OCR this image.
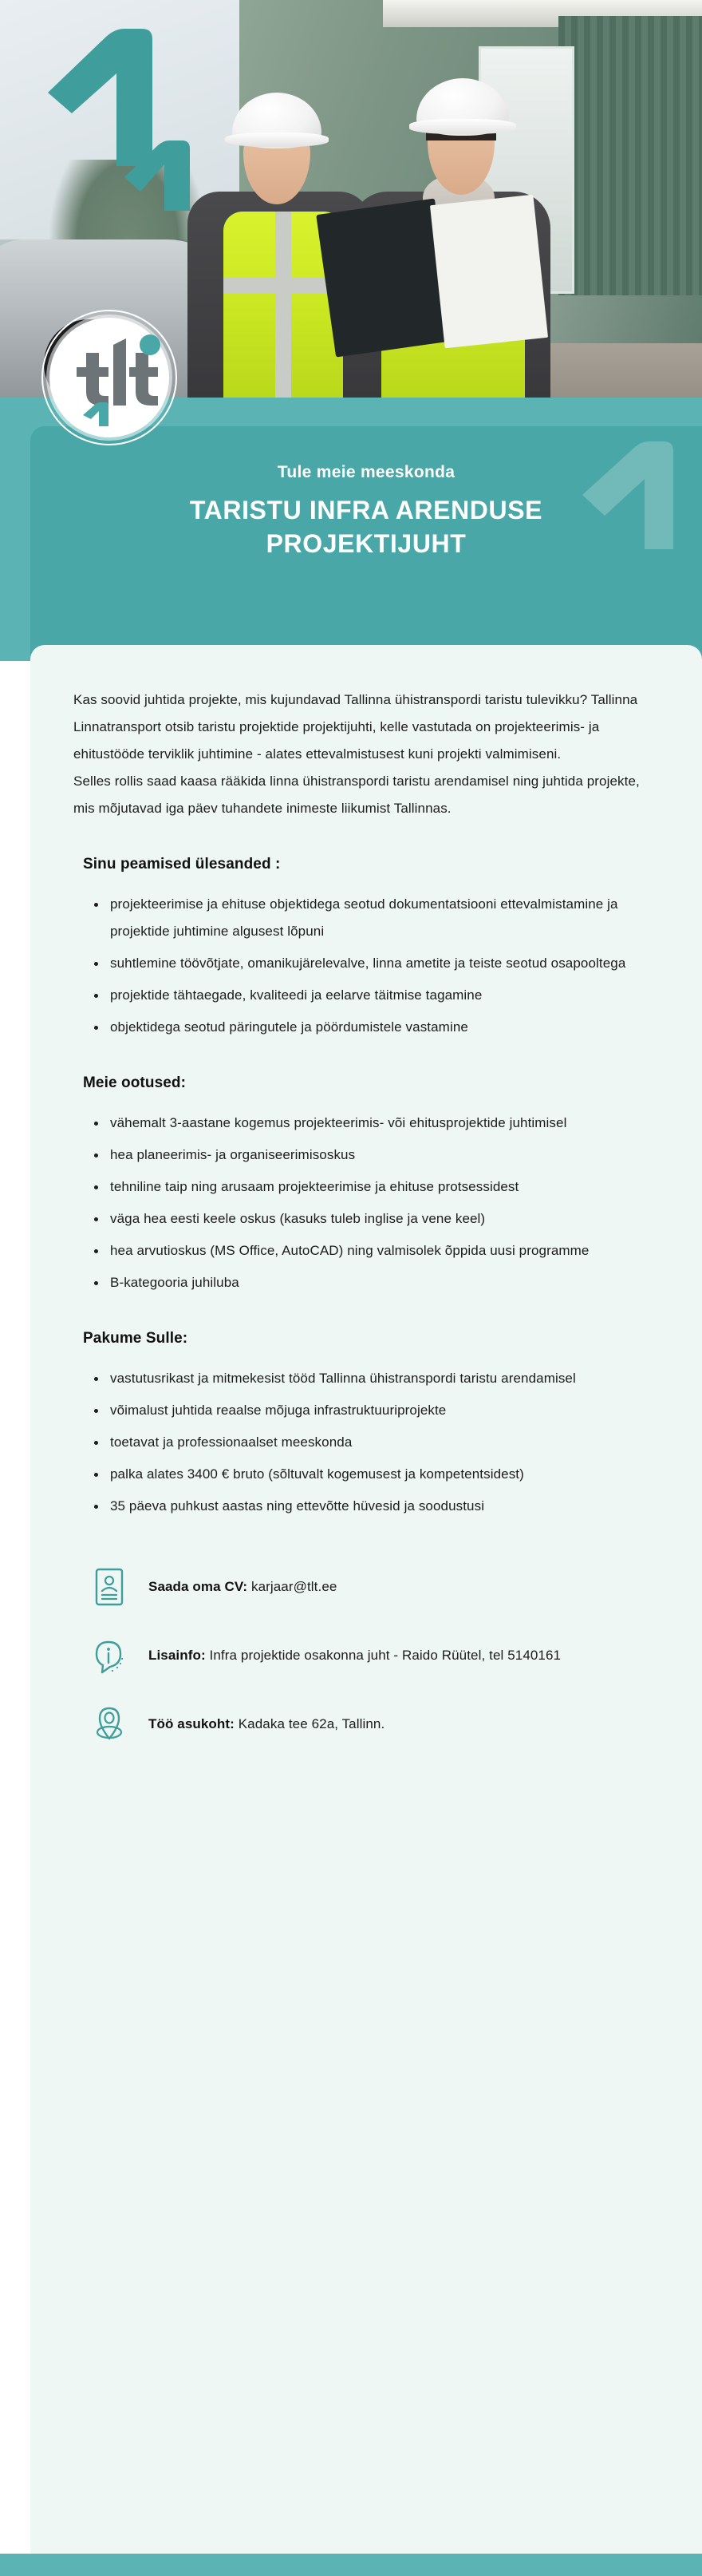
Tule meie meeskonda
TARISTU INFRA ARENDUSE
PROJEKTIJUHT

Kas soovid juhtida projekte, mis kujundavad Tallinna ühistranspordi taristu tulevikku? Tallinna Linnatransport otsib taristu projektide projektijuhti, kelle vastutada on projekteerimis- ja ehitustööde terviklik juhtimine - alates ettevalmistusest kuni projekti valmimiseni.

Selles rollis saad kaasa rääkida linna ühistranspordi taristu arendamisel ning juhtida projekte, mis mõjutavad iga päev tuhandete inimeste liikumist Tallinnas.

Sinu peamised ülesanded :
projekteerimise ja ehituse objektidega seotud dokumentatsiooni ettevalmistamine ja projektide juhtimine algusest lõpuni
suhtlemine töövõtjate, omanikujärelevalve, linna ametite ja teiste seotud osapooltega
projektide tähtaegade, kvaliteedi ja eelarve täitmise tagamine
objektidega seotud päringutele ja pöördumistele vastamine
Meie ootused:
vähemalt 3-aastane kogemus projekteerimis- või ehitusprojektide juhtimisel
hea planeerimis- ja organiseerimisoskus
tehniline taip ning arusaam projekteerimise ja ehituse protsessidest
väga hea eesti keele oskus (kasuks tuleb inglise ja vene keel)
hea arvutioskus (MS Office, AutoCAD) ning valmisolek õppida uusi programme
B-kategooria juhiluba
Pakume Sulle:
vastutusrikast ja mitmekesist tööd Tallinna ühistranspordi taristu arendamisel
võimalust juhtida reaalse mõjuga infrastruktuuriprojekte
toetavat ja professionaalset meeskonda
palka alates 3400 € bruto (sõltuvalt kogemusest ja kompetentsidest)
35 päeva puhkust aastas ning ettevõtte hüvesid ja soodustusi
Saada oma CV: karjaar@tlt.ee
Lisainfo: Infra projektide osakonna juht - Raido Rüütel, tel 5140161
Töö asukoht: Kadaka tee 62a, Tallinn.
